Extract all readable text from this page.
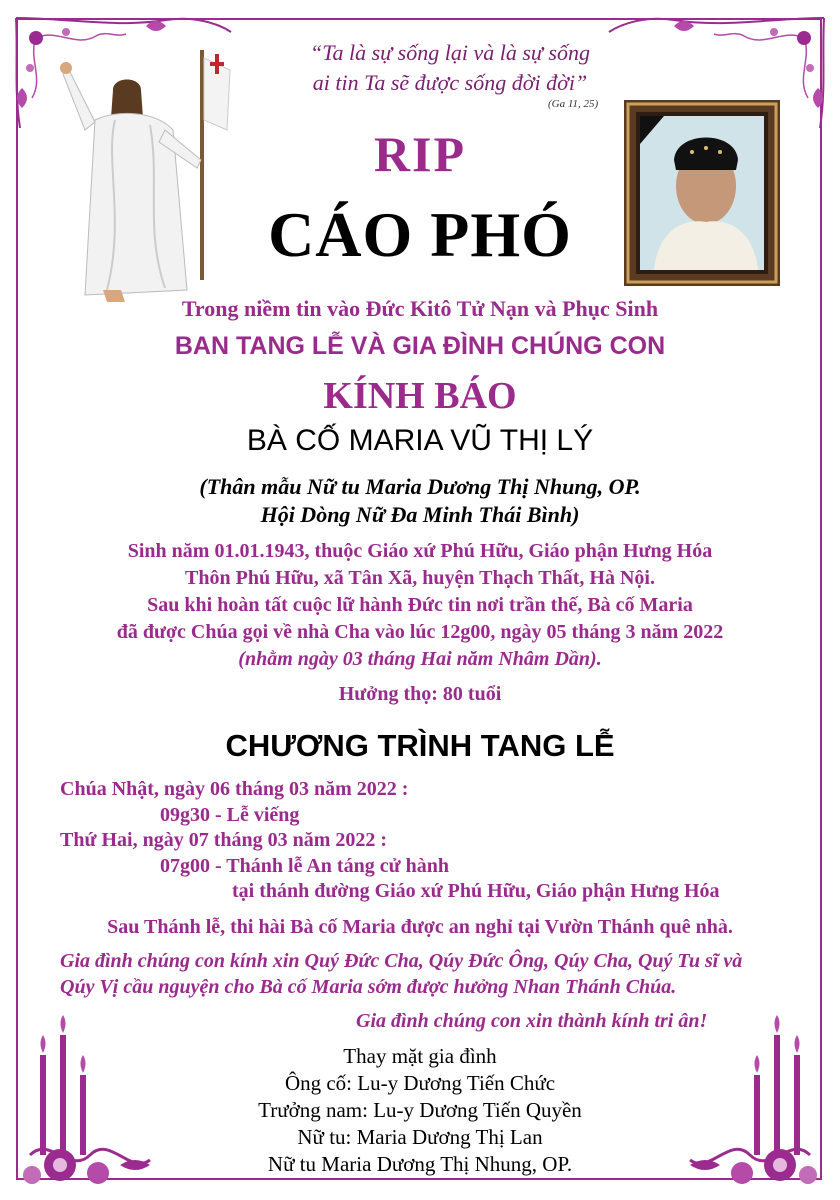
“Ta là sự sống lại và là sự sống
ai tin Ta sẽ được sống đời đời”
(Ga 11, 25)
RIP
CÁO PHÓ
Trong niềm tin vào Đức Kitô Tử Nạn và Phục Sinh
BAN TANG LỄ VÀ GIA ĐÌNH CHÚNG CON
KÍNH BÁO
BÀ CỐ MARIA VŨ THỊ LÝ
(Thân mẫu Nữ tu Maria Dương Thị Nhung, OP.
Hội Dòng Nữ Đa Minh Thái Bình)
Sinh năm 01.01.1943, thuộc Giáo xứ Phú Hữu, Giáo phận Hưng Hóa
Thôn Phú Hữu, xã Tân Xã, huyện Thạch Thất, Hà Nội.
Sau khi hoàn tất cuộc lữ hành Đức tin nơi trần thế, Bà cố Maria
đã được Chúa gọi về nhà Cha vào lúc 12g00, ngày 05 tháng 3 năm 2022
(nhằm ngày 03 tháng Hai năm Nhâm Dần).
Hưởng thọ: 80 tuổi
CHƯƠNG TRÌNH TANG LỄ
Chúa Nhật, ngày 06 tháng 03 năm 2022 :
09g30 - Lễ viếng
Thứ Hai, ngày 07 tháng 03 năm 2022 :
07g00 - Thánh lễ An táng cử hành
tại thánh đường Giáo xứ Phú Hữu, Giáo phận Hưng Hóa
Sau Thánh lễ, thi hài Bà cố Maria được an nghỉ tại Vườn Thánh quê nhà.
Gia đình chúng con kính xin Quý Đức Cha, Qúy Đức Ông, Qúy Cha, Quý Tu sĩ và
Qúy Vị cầu nguyện cho Bà cố Maria sớm được hưởng Nhan Thánh Chúa.
Gia đình chúng con xin thành kính tri ân!
Thay mặt gia đình
Ông cố: Lu-y Dương Tiến Chức
Trưởng nam: Lu-y Dương Tiến Quyền
Nữ tu: Maria Dương Thị Lan
Nữ tu Maria Dương Thị Nhung, OP.
